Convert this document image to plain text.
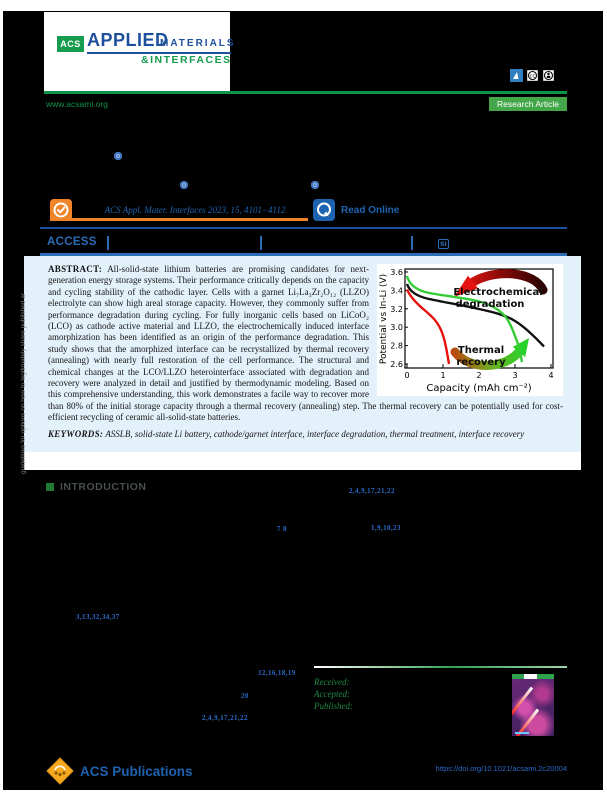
ACS APPLIED
MATERIALS
&INTERFACES
www.acsami.org	Research Article
cc
ACS Appl. Mater. Interfaces 2023, 15, 4101−4112	Read Online
ACCESS	sı
3.6
3.4
3.2
3.0
2.8
2.6
0	1	2	3	4
Capacity (mAh cm⁻²)
Potential vs In-Li (V)	Electrochemical
degradation
Thermal
recovery

ABSTRACT: All-solid-state lithium batteries are promising candidates for next-generation energy storage systems. Their performance critically depends on the capacity and cycling stability of the cathodic layer. Cells with a garnet Li₇La₃Zr₂O₁₂ (LLZO) electrolyte can show high areal storage capacity. However, they commonly suffer from performance degradation during cycling. For fully inorganic cells based on LiCoO₂ (LCO) as cathode active material and LLZO, the electrochemically induced interface amorphization has been identified as an origin of the performance degradation. This study shows that the amorphized interface can be recrystallized by thermal recovery (annealing) with nearly full restoration of the cell performance. The structural and chemical changes at the LCO/LLZO heterointerface associated with degradation and recovery were analyzed in detail and justified by thermodynamic modeling. Based on this comprehensive understanding, this work demonstrates a facile way to recover more than 80% of the initial storage capacity through a thermal recovery (annealing) step. The thermal recovery can be potentially used for cost-efficient recycling of ceramic all-solid-state batteries.

KEYWORDS: ASSLB, solid-state Li battery, cathode/garnet interface, interface degradation, thermal treatment, interface recovery

guidelines for options on how to legitimately share published ar
INTRODUCTION	2,4,9,17,21,22
7 8	1,9,10,23
3,13,32,34,37
12,16,18,19
20
2,4,9,17,21,22
Received:
Accepted:
Published:
ACS Publications	https://doi.org/10.1021/acsami.2c20004
